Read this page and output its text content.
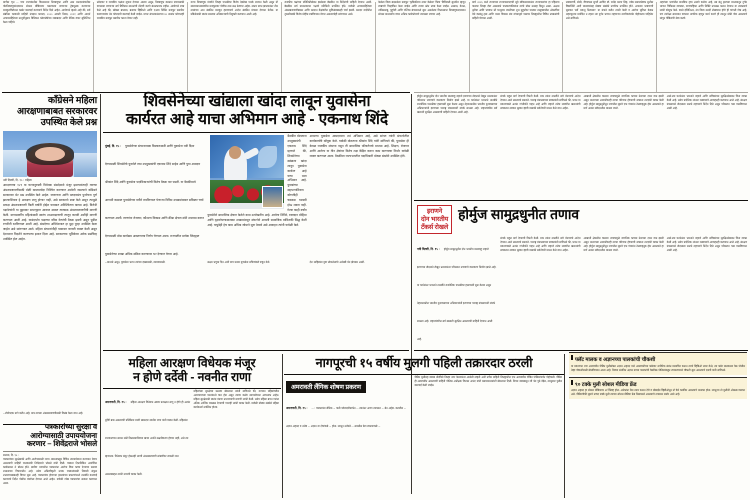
मागील वृत्त ... पाच राज्यांमधील विधानसभा निवडणुका आणि आठ मतदारसंघांतील पोटनिवडणुकांदरम्यान सोशल मीडियावर पसरवल्या जाणाऱ्या द्वेषमूलक करणाऱ्या मजकुराविरोधात कठोर कारवाई करण्याचे निर्देश दिले आहेत. आयोगाने म्हटले आहे की, सर्व संबंधित घटकांनी माहिती तंत्रज्ञान कायदा, २००० आयटी नियम, २०२१ आणि आदर्श आचारसंहितेच्या तरतुदींनुसार डिजिटल प्लॅटफॉर्मच्या जबाबदार आणि नैतिक वापर सुनिश्चित केला पाहिजे.
उमेदवार व राजकीय पक्षांना सूचना देण्यात आल्या असून, निवडणूक काळात प्रचारासाठी वापरल्या जाणाऱ्या सर्व डिजिटल साधनांची नोंदणी करणे बंधनकारक राहील. आयोगाने स्पष्ट केले आहे की, खोट्या बातम्या, बनावट व्हिडिओ आणि एआय निर्मित मजकूर प्रसारित करणाऱ्यांवर थेट फौजदारी कारवाई केली जाईल. प्रचार संपल्यानंतरच्या ४८ तासांत कोणताही राजकीय मजकूर प्रसारित करता येणार नाही.
राज्य निवडणूक यंत्रणेने जिल्हा पातळीवर विशेष देखरेख पथके स्थापन केली असून ती समाजमाध्यमांवरील मजकुरावर चोवीस तास लक्ष ठेवणार आहेत. तक्रार प्राप्त झाल्यानंतर तीन तासांच्या आत संबंधित मजकूर हटवण्याचे आदेश संबंधित मंचाला देण्यात येतील. या प्रक्रियेसाठी स्वतंत्र समन्वय अधिकाऱ्याची नियुक्ती करण्यात आली आहे.
राजकीय पक्षांच्या प्रतिनिधींसोबत झालेल्या बैठकीत या निर्देशांची माहिती देण्यात आली. बैठकीस सर्व मान्यताप्राप्त पक्षांचे प्रतिनिधी उपस्थित होते. यावेळी आचारसंहितेच्या अंमलबजावणीबाबत आणि मतदान केंद्रांवरील सुविधांबाबतही चर्चा झाली. मतदार यादीतील दुरुस्तीसाठी विशेष मोहीम राबविण्यात येणार असल्याचेही सांगण्यात आले.
केलेला किंवा बदललेला मजकूर 'कृत्रिमरित्या तयार केलेला' किंवा 'डिजिटली सुधारित म्हणून स्पष्टपणे चिन्हांकित केला जाईल आणि त्याचा स्रोत उघड केला जाईल. आसाम, केरळ, तामिळनाडू, पुद्दुचेरी आणि पश्चिम बंगालमध्ये सुरू असलेल्या विधानसभा निवडणुकादरम्यान सोशल माध्यमांचा वापर अधिक काटेकोरपणे तपासला जाणार आहे.
मार्च २०२६ मध्ये राज्याच्या राज्यपालपदाची सूत्रे स्वीकारल्यानंतर राज्यपालांचा हा पहिलाच पालघर जिल्हा दौरा असल्याने पालघरवासियांना त्यांचे मोठा उत्साह दिसून आला. अक्षय्य तृतीया आणि भगवान श्री परशुराम जयंतीच्या शुभ मुहूर्तावर पालघर तालुक्यातील ओसरविरा येथे वनबंधू ट्रस्ट आणि भारत विकास संघ यांच्याद्वारे पालघर जिल्ह्यातील विविध उपक्रमांची माहिती घेण्यात आली.
नाडकर्ण्णी, सोनी, वीणावत्स सुपर्वे अरविंद डॉ. राजेंद्र प्रताप सिंह, ज्येष्ठ समाजसेवक सुशील विद्यार्थिनी आदी मान्यवरांसह मोठ्या संख्येने नागरिक उपस्थित होते. आपल्या भाषणाची सुरुवात 'सर्वे भवन्तु निरामया:' या मंत्राने करीत त्यांनी केली व आरोग्य सुविधा केवळ शहरापुरत्या मर्यादित न राहता त्या दुर्गम भागात राहणाऱ्या नागरिकांपर्यंत पोहोचल्या पाहिजेत असे सांगितले.
शहरांच्या भागांतील प्राथमिक दृष्य असणे कर्तव्य आहे, तब बंधू ट्रस्टच्या माध्यमातून दुर्गम भागात चिकित्सा व्यवस्था, रुग्णवाहिका आणि शिबिरे उपलब्ध करून देण्यात या उपक्रमाचे त्यांनी कौतुक केले. वास्ते इंजिनिअर, तंत्र किंवा सनदी लेखापाल होणे ही चांगली गोष्ट आहे, पण त्यापेक्षा समाजात वावरता नागरिक म्हणून कार्य करणे ही त्यातून मोठी गोष्ट असल्याचे सांगून पीडितांची सेवा करणे.
काँग्रेसने महिला
आरक्षणाबाबत सरकारवर
उपस्थित केले प्रश्न
नवी दिल्ली, दि. १५ : महिला
आरक्षणाचा १२१ वा घटनादुरुस्ती विधेयक संसदेमध्ये मंजूर झाल्यानंतरही त्याच्या अंमलबजावणीसाठी मोठी कालमर्यादा निश्चित करण्यात आलेली नसल्याने काँग्रेसने सरकारवर थेट प्रश्न उपस्थित केले आहेत. जनगणना आणि मतदारसंघ पुनर्रचना पूर्ण झाल्याशिवाय हे आरक्षण लागू होणार नाही, असे सरकारने स्पष्ट केले असून त्यामुळे प्रत्यक्ष अंमलबजावणी किती वर्षांनी होईल याबाबत अनिश्चितता कायम आहे. विरोधी पक्षनेत्यांनी या मुद्द्यावर सभागृहात आवाज उठवत तात्काळ अंमलबजावणीची मागणी केली. मागासवर्गीय महिलांसाठी स्वतंत्र उपआरक्षणाची तरतूद करावी अशीही मागणी करण्यात आली आहे. यासंदर्भात पक्षाच्या वरिष्ठ नेत्यांची बैठक झाली असून पुढील रणनीती ठरविण्यात आली आहे. संसदेच्या अधिवेशनात हा मुद्दा पुन्हा उपस्थित केला जाईल असे सांगण्यात आले. महिला संघटनांनीही याबाबत नाराजी व्यक्त केली असून देशभरात निदर्शने करण्याचा इशारा दिला आहे. सरकारच्या भूमिकेवर अनेक प्रश्नचिन्ह उपस्थित होत आहेत.
शिवसेनेच्या खांद्याला खांदा लावून युवासेना
कार्यरत आहे याचा अभिमान आहे - एकनाथ शिंदे
मुंबई, दि. १५ : युवासेनेच्या संघटनात्मक विस्तारासाठी आणि युवासेना नवी दिशा देण्यासाठी शिवसेनेचे युवानेते तथा उपमुख्यमंत्री एकनाथ शिंदे साहेब आणि युवा आमदार श्रीकांत शिंदे आणि युवासेना पदाधिकाऱ्यांची विशेष बैठक पार पडली. या बैठकीमध्ये आगामी काळात युवासेनेच्या वतीने राबविण्यात येणाऱ्या विविध उपक्रमांबाबत सविस्तर चर्चा करण्यात आली. तरुणांना रोजगार, कौशल्य विकास आणि क्रीडा क्षेत्रात संधी उपलब्ध करून देण्यासाठी ठोस कार्यक्रम आखण्याचा निर्णय घेण्यात आला. राज्यातील प्रत्येक जिल्ह्यात युवासेनेच्या शाखा अधिक सक्रिय करण्यावर भर देण्यात येणार आहे.
बैठकीत बोलताना उपमुख्यमंत्री एकनाथ शिंदे म्हणाले की, शिवसेनेच्या खांद्याला खांदा लावून युवासेना कार्यरत आहे याचा मला अभिमान आहे. युवकांच्या सहभागाशिवाय कोणतीही चळवळ यशस्वी होऊ शकत नाही. गेल्या काही वर्षांत युवासेनेने सामाजिक क्षेत्रात केलेले काम उल्लेखनीय आहे. आरोग्य शिबिरे, रक्तदान मोहिमा आणि वृक्षारोपणासारख्या उपक्रमांमधून संघटनेने आपली सामाजिक बांधिलकी सिद्ध केली आहे. यापुढेही हेच काम अधिक जोमाने सुरू ठेवावे असे आवाहन त्यांनी यावेळी केले.
आपल्या युवासेना आमदाराला उभं अभिमान आहे, असे सांगत त्यांनी संघटनेतील कार्यकर्त्यांचे कौतुक केले. यावेळी बोलताना श्रीकांत शिंदे यांनी सांगितले की, युवासेना ही केवळ राजकीय संघटना नसून ती सामाजिक परिवर्तनाचे माध्यम आहे. शिक्षण, रोजगार आणि आरोग्य या तीन क्षेत्रांवर विशेष लक्ष केंद्रित करून काम करण्याचा निर्धार यावेळी व्यक्त करण्यात आला. बैठकीला राज्यभरातील पदाधिकारी मोठ्या संख्येने उपस्थित होते.
...माध्यमे असून, युवासेना भरात त्यांच्या इच्छासाठी, न्यायवासाठी.	सक्षम भवूच्य दिन अशी याच प्रत्यय युवासेना सचिवांकडे पाहून येतो.	देश साहिबांना युवा लोकनेत्यांचे अनोखी भेट झेप्यास आली.
होर्मुज सामुद्रधुनीत दोन भारतीय मालवाहू जहाजे इराणच्या नौदलाने रोखून धरल्यानंतर परिसरात तणावाचे वातावरण निर्माण झाले आहे. या घटनेनंतर भारताने तातडीने राजनैतिक पातळीवर हालचाली सुरू केल्या असून तेहरानमधील भारतीय दूतावासाच्या अधिकाऱ्यांनी इराणच्या परराष्ट्र मंत्रालयाशी संपर्क साधला आहे. जहाजांवरील सर्व खलाशी सुरक्षित असल्याची माहिती देण्यात आली आहे.
संपर्क राहुल मार्ग देण्याची विनंती केली. मात्र त्यांना तातडीने नावे भेटण्याचे आदेश देण्यात आले नसल्याचे समजते. परराष्ट्र मंत्रालयाच्या प्रवक्त्यांनी सांगितले की, भारत या प्रकरणाकडे अत्यंत गांभीर्याने पाहत आहे आणि जहाजे तसेच त्यावरील खलाशांची लवकरात लवकर सुटका व्हावी यासाठी सर्वतोपरी प्रयत्न केले जात आहेत.
आखाती क्षेत्रातील वाढत्या तणावामुळे जागतिक कच्च्या तेलाच्या दरात वाढ झाली असून भारताच्या आयातीवरही त्याचा परिणाम होण्याची शक्यता तज्ज्ञांनी व्यक्त केली आहे. होर्मुज सामुद्रधुनीतून जगातील सुमारे एक पंचमांश तेलवाहतूक होत असल्याने हा मार्ग अत्यंत संवेदनशील मानला जातो.
आले.ल्या घटनेनंतर भारताने जहाजे आणि नाविकांच्या सुरक्षिततेबाबत चिंता व्यक्त केली आहे. तसेच प्रादेशिक शांतता राखण्याचे आवाहनही करण्यात आले आहे. संरक्षण मंत्रालयाने नौदलाला सतर्क राहण्याचे निर्देश दिले असून परिसरात गस्त वाढविण्यात आली आहे.
इराणने
दोन भारतीय
टँकर्स रोखले
होर्मुज सामुद्रधुनीत तणाव
नवी दिल्ली, दि. १५ : होर्मुज सामुद्रधुनीत दोन भारतीय मालवाहू जहाजे इराणच्या नौदलाने रोखून धरल्यानंतर परिसरात तणावाचे वातावरण निर्माण झाले आहे. या घटनेनंतर भारताने तातडीने राजनैतिक पातळीवर हालचाली सुरू केल्या असून तेहरानमधील भारतीय दूतावासाच्या अधिकाऱ्यांनी इराणच्या परराष्ट्र मंत्रालयाशी संपर्क साधला आहे. जहाजांवरील सर्व खलाशी सुरक्षित असल्याची माहिती देण्यात आली आहे.
संपर्क राहुल मार्ग देण्याची विनंती केली. मात्र त्यांना तातडीने नावे भेटण्याचे आदेश देण्यात आले नसल्याचे समजते. परराष्ट्र मंत्रालयाच्या प्रवक्त्यांनी सांगितले की, भारत या प्रकरणाकडे अत्यंत गांभीर्याने पाहत आहे आणि जहाजे तसेच त्यावरील खलाशांची लवकरात लवकर सुटका व्हावी यासाठी सर्वतोपरी प्रयत्न केले जात आहेत.
आखाती क्षेत्रातील वाढत्या तणावामुळे जागतिक कच्च्या तेलाच्या दरात वाढ झाली असून भारताच्या आयातीवरही त्याचा परिणाम होण्याची शक्यता तज्ज्ञांनी व्यक्त केली आहे. होर्मुज सामुद्रधुनीतून जगातील सुमारे एक पंचमांश तेलवाहतूक होत असल्याने हा मार्ग अत्यंत संवेदनशील मानला जातो.
आले.ल्या घटनेनंतर भारताने जहाजे आणि नाविकांच्या सुरक्षिततेबाबत चिंता व्यक्त केली आहे. तसेच प्रादेशिक शांतता राखण्याचे आवाहनही करण्यात आले आहे. संरक्षण मंत्रालयाने नौदलाला सतर्क राहण्याचे निर्देश दिले असून परिसरात गस्त वाढविण्यात आली आहे.
...शौर्यपदक मागे करीत आहे, मात्र त्याच्या अंमलबजावणीसाठी विलंब केला जात आहे.
पत्रकारांच्या सुरक्षा व
आरोग्यासाठी उपाययोजना
करणार – शिवेंद्रराजे भोसले
सातारा, दि. १५ :
पत्रकारांच्या सुरक्षेसाठी आणि आरोग्यासाठी राज्य शासनाकडून विविध उपाययोजना करण्यात येणार असल्याची माहिती पालकमंत्री शिवेंद्रराजे भोसले यांनी दिली. पत्रकार दिनानिमित्त आयोजित कार्यक्रमात ते बोलत होते. ग्रामीण भागातील पत्रकारांना आरोग्य विमा कवच देण्याचा प्रस्ताव शासनाच्या विचाराधीन आहे. तसेच अधिस्वीकृती धारक पत्रकारांसाठी निवासी संकुल उभारण्याबाबतही विचार सुरू आहे. पत्रकारांवर होणाऱ्या हल्ल्यांच्या प्रकरणांमध्ये तातडीने कारवाई करण्याचे निर्देश पोलीस यंत्रणेला देण्यात आले आहेत. यावेळी ज्येष्ठ पत्रकारांचा सत्कार करण्यात आला.
महिला आरक्षण विधेयक मंजूर
न होणे दर्देवी - नवनीत राणा
अमरावती, दि. १५ : महिला आरक्षण विधेयक अद्याप प्रत्यक्षात लागू न होणे ही अत्यंत दुर्दैवी बाब असल्याची प्रतिक्रिया माजी खासदार नवनीत राणा यांनी व्यक्त केली. महिलांना राजकारणात समान संधी मिळाल्याशिवाय खऱ्या अर्थाने सक्षमीकरण होणार नाही, असे त्या म्हणाल्या. विधेयक मंजूर होऊनही त्याची अंमलबजावणी लांबणीवर टाकली जात असल्याबद्दल त्यांनी नाराजी व्यक्त केली.
महिलांच्या सुरक्षेच्या प्रश्नावर बोलताना त्यांनी सांगितले की, राज्यात महिलांवरील अत्याचाराच्या घटनांमध्ये वाढ होत असून त्यावर कठोर उपाययोजना आवश्यक आहेत. महिला सुरक्षेसाठी स्वतंत्र यंत्रणा उभारण्याची मागणी त्यांनी केली. तसेच महिला बचत गटांना अधिक आर्थिक पाठबळ देण्याची गरजही त्यांनी व्यक्त केली. यावेळी मोठ्या संख्येने महिला कार्यकर्त्या उपस्थित होत्या.
नागपूरची १५ वर्षीय मुलगी पहिली तक्रारदार ठरली
अमरावती लैंगिक शोषण प्रकरण
अमरावती, दि. १५ : ... : पत्रकारांना सैनिक ... पाठी फौजदारीमार्फत ... त्यानंतर आणा तपासात ... बेन आहेत. कटारील ... अज्ञान अहमद व उजेड ... अज्ञान या दोघांकडे ... होता. त्यातून उजेडने ... लमसील डेटा स्वरूपाकडे ...
पीडित मुलीसह जबाब नोंदविले जिल्हा नगर केल्यानंतर आलेली नव्हती अशी नवीन माहिती जिल्ह्यातील एक अल्पवयीन पीडित पोलिसांपर्यंत पोहोचली. पीडित ही अल्पवयीन असल्याची माहिती पोलिस अधीक्षक विशाल आनंद यांनी प्रसारमाध्यमांशी बोलताना दिली. तिच्या जबाबातून जी भेट पुढे येईल, त्यानुसार पुढील कारवाई केली जाईल.
फ्लॅट मालक व अज्ञानच्या पालकांची चौकशी
या प्रकरणात ज्या अल्पवयीन पीडित मुलीसोबत अज्ञान अहमद याने अमरावतीच्या फ्लॅटवर शारीरिक संबंध प्रस्थापित करून त्याचे व्हिडिओ तयार केले, त्या फ्लॅट मालकाला वेळ पोलीस तेव्हा चौकशीसाठी बोलविण्यात आला आहे. शिवाय संशयित अज्ञान याच्या पालकांची वेळोवेळ पोलिसांकडून टप्प्याटप्प्याने चौकशी सुरू असल्याचे एसपी यांनी सांगितले.
९० टक्के मुली सोशल मीडिया फ्रेंड
अज्ञान अहमद हा सोशल मीडियावर अॅक्टिव्ह होता. अनेकांना रील तयार करून देणे व मोबाईल व्हिडीओतून तो पैसे कमवित असल्याचे भासवत होता. त्यातूनच तो मुलींशी ओळख वाढवत असे. पीडितांपैकी सुमारे नव्वद टक्के मुली त्याच्या सोशल मीडिया फ्रेंड लिस्टमध्ये असल्याचे तपासात समोर आले आहे.
